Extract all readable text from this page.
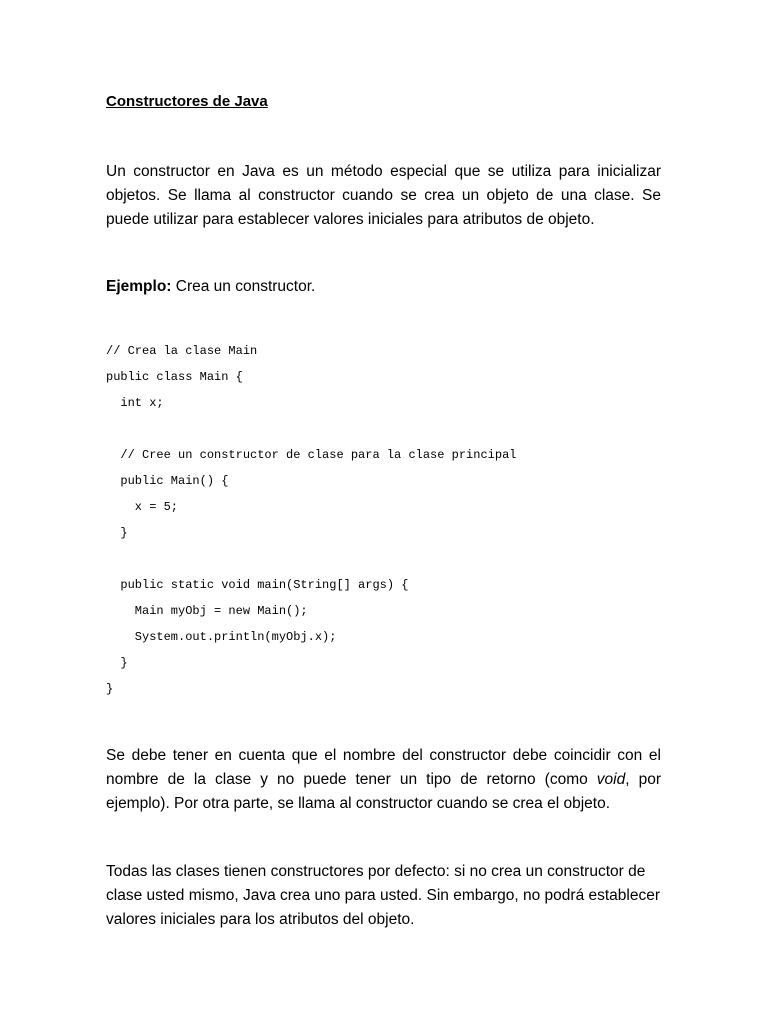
Constructores de Java
Un constructor en Java es un método especial que se utiliza para inicializar objetos. Se llama al constructor cuando se crea un objeto de una clase. Se puede utilizar para establecer valores iniciales para atributos de objeto.
Ejemplo: Crea un constructor.
// Crea la clase Main
public class Main {
int x;
// Cree un constructor de clase para la clase principal
public Main() {
x = 5;
}
public static void main(String[] args) {
Main myObj = new Main();
System.out.println(myObj.x);
}
}
Se debe tener en cuenta que el nombre del constructor debe coincidir con el nombre de la clase y no puede tener un tipo de retorno (como void, por ejemplo). Por otra parte, se llama al constructor cuando se crea el objeto.
Todas las clases tienen constructores por defecto: si no crea un constructor de clase usted mismo, Java crea uno para usted. Sin embargo, no podrá establecer valores iniciales para los atributos del objeto.
